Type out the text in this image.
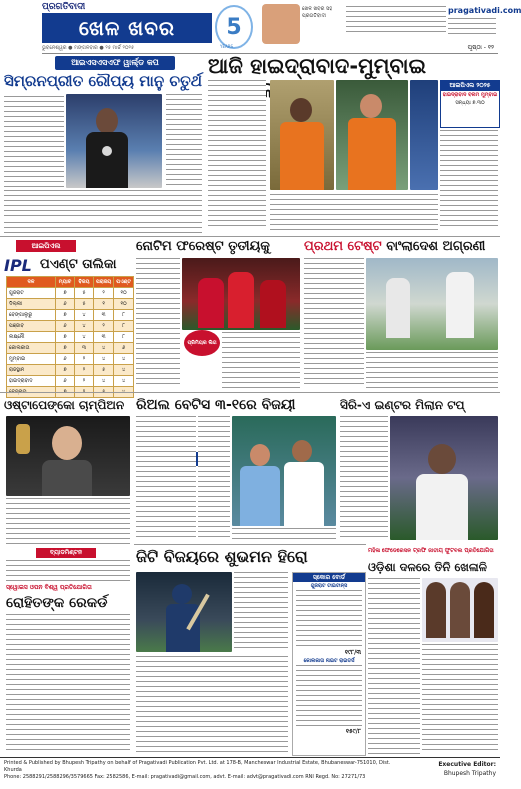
ପ୍ରଗତିବାଦୀ
ଖେଳ ଖବର	5
YEARS
ଖେଳ ଖବର ସହ ପ୍ରଗତିବାଦୀ
pragativadi.com
ଭୁବନେଶ୍ୱର ● ମଙ୍ଗଳବାର ● ୨୫ ମାର୍ଚ୍ଚ ୨୦୨୫	ପୃଷ୍ଠା - ୧୨
ଆଇଏସଏସଏଫ ୱାର୍ଲ୍ଡ କପ
ସିମ୍ରନପ୍ରୀତ ରୌପ୍ୟ ମାନୁ ଚତୁର୍ଥ
ଆଜି ହାଇଦ୍ରାବାଦ-ମୁମ୍ବାଇ
ଆଇପିଏଲ ୨୦୨୫
ହାଇଦ୍ରାବାଦ ବନାମ ମୁମ୍ବାଇ
ସନ୍ଧ୍ୟା ୭.୩୦
ଆଇପିଏଲ
IPL ପଏଣ୍ଟ ତାଲିକା
ଦଳ	ମ୍ୟାଚ	ବିଜୟ	ପରାଜୟ	ପଏଣ୍ଟ
ଗୁଜରାଟ	୭	୫	୨	୧୦
ଦିଲ୍ଲୀ	୬	୫	୧	୧୦
ବେଙ୍ଗାଲୁରୁ	୭	୪	୩	୮
ପଞ୍ଜାବ	୬	୪	୨	୮
ଲକ୍ଷ୍ନୌ	୭	୪	୩	୮
କୋଲକାତା	୭	୩	୪	୬
ମୁମ୍ବାଇ	୬	୨	୪	୪
ରାଜସ୍ଥାନ	୭	୨	୫	୪
ହାଇଦ୍ରାବାଦ	୬	୨	୪	୪

ନୋଟିମ ଫରେଷ୍ଟ ତୃତୀୟକୁ
ପ୍ରିମିୟର ଲିଗ
ପ୍ରଥମ ଟେଷ୍ଟ ବାଂଲାଦେଶ ଅଗ୍ରଣୀ
ଓଷ୍ଟାପେଙ୍କୋ ଚାମ୍ପିଅନ
ବ୍ୟାଡମିଣ୍ଟନ
ସ୍ୱୋଇସ ଓପନ ବିଶ୍ୱ ପ୍ରତିଯୋଗିତା
ରୋହିତଙ୍କ ରେକର୍ଡ
ରିଅଲ ବେଟିସ ୩-୧ରେ ବିଜୟୀ	ସିରି-ଏ ଇଣ୍ଟର ମିଲାନ ଟପ୍
ଜିଟି ବିଜୟରେ ଶୁଭମନ ହିରୋ
ସ୍କୋର ବୋର୍ଡ
ଗୁଜରାଟ ଟାଇଟାନ୍ସ
୧୯୮/୩
କୋଲକାତା ନାଇଟ ରାଇଡର୍ସ
୧୫୯/୮
ମହିଳା ଫେଡେରେସନ ଟ୍ରଫି ଜାତୀୟ ଫୁଟବଲ ପ୍ରତିଯୋଗିତା
ଓଡ଼ିଶା ଦଳରେ ତିନି ଖେଳାଳି
Printed & Published by Bhupesh Tripathy on behalf of Pragativadi Publication Pvt. Ltd. at 178-B, Mancheswar Industrial Estate, Bhubaneswar-751010, Dist. Khurda
Phone: 2588291/2588296/3579665 Fax: 2582586, E-mail: pragativadi@gmail.com, advt. E-mail: advt@pragativadi.com RNI Regd. No: 27271/73
Executive Editor:
Bhupesh Tripathy
